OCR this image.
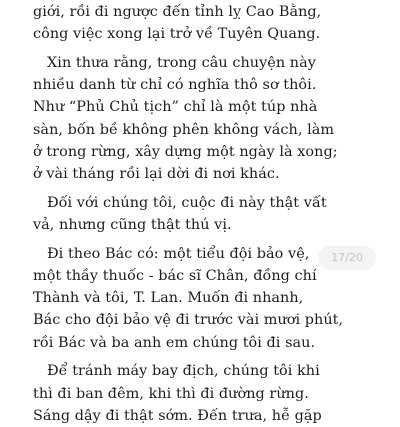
giới, rồi đi ngược đến tỉnh lỵ Cao Bằng,
công việc xong lại trở về Tuyên Quang.
Xin thưa rằng, trong câu chuyện này
nhiều danh từ chỉ có nghĩa thô sơ thôi.
Như “Phủ Chủ tịch” chỉ là một túp nhà
sàn, bốn bề không phên không vách, làm
ở trong rừng, xây dựng một ngày là xong;
ở vài tháng rồi lại dời đi nơi khác.
Đối với chúng tôi, cuộc đi này thật vất
vả, nhưng cũng thật thú vị.
Đi theo Bác có: một tiểu đội bảo vệ,
một thầy thuốc - bác sĩ Chân, đồng chí
Thành và tôi, T. Lan. Muốn đi nhanh,
Bác cho đội bảo vệ đi trước vài mươi phút,
rồi Bác và ba anh em chúng tôi đi sau.
Để tránh máy bay địch, chúng tôi khi
thì đi ban đêm, khi thì đi đường rừng.
Sáng dậy đi thật sớm. Đến trưa, hễ gặp
17/20
